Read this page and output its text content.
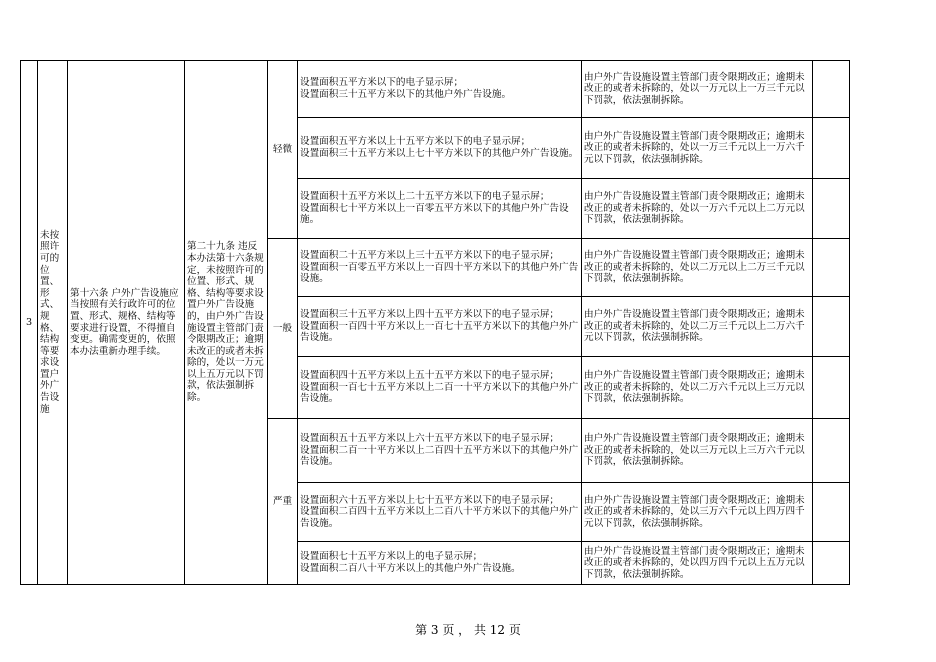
3	未按照许可的位置、形式、规格、结构等要求设置户外广告设施	第十六条 户外广告设施应当按照有关行政许可的位置、形式、规格、结构等要求进行设置，不得擅自变更。确需变更的，依照本办法重新办理手续。	第二十九条 违反本办法第十六条规定，未按照许可的位置、形式、规格、结构等要求设置户外广告设施的，由户外广告设施设置主管部门责令限期改正；逾期未改正的或者未拆除的，处以一万元以上五万元以下罚款，依法强制拆除。	轻微	设置面积五平方米以下的电子显示屏；
设置面积三十五平方米以下的其他户外广告设施。	由户外广告设施设置主管部门责令限期改正；逾期未改正的或者未拆除的，处以一万元以上一万三千元以下罚款，依法强制拆除。	

					设置面积五平方米以上十五平方米以下的电子显示屏；
设置面积三十五平方米以上七十平方米以下的其他户外广告设施。	由户外广告设施设置主管部门责令限期改正；逾期未改正的或者未拆除的，处以一万三千元以上一万六千元以下罚款，依法强制拆除。	

					设置面积十五平方米以上二十五平方米以下的电子显示屏；
设置面积七十平方米以上一百零五平方米以下的其他户外广告设施。	由户外广告设施设置主管部门责令限期改正；逾期未改正的或者未拆除的，处以一万六千元以上二万元以下罚款，依法强制拆除。	
				一般	设置面积二十五平方米以上三十五平方米以下的电子显示屏；
设置面积一百零五平方米以上一百四十平方米以下的其他户外广告设施。	由户外广告设施设置主管部门责令限期改正；逾期未改正的或者未拆除的，处以二万元以上二万三千元以下罚款，依法强制拆除。	

					设置面积三十五平方米以上四十五平方米以下的电子显示屏；
设置面积一百四十平方米以上一百七十五平方米以下的其他户外广告设施。	由户外广告设施设置主管部门责令限期改正；逾期未改正的或者未拆除的，处以二万三千元以上二万六千元以下罚款，依法强制拆除。	

					设置面积四十五平方米以上五十五平方米以下的电子显示屏；
设置面积一百七十五平方米以上二百一十平方米以下的其他户外广告设施。	由户外广告设施设置主管部门责令限期改正；逾期未改正的或者未拆除的，处以二万六千元以上三万元以下罚款，依法强制拆除。	
				严重	设置面积五十五平方米以上六十五平方米以下的电子显示屏；
设置面积二百一十平方米以上二百四十五平方米以下的其他户外广告设施。	由户外广告设施设置主管部门责令限期改正；逾期未改正的或者未拆除的，处以三万元以上三万六千元以下罚款，依法强制拆除。	

					设置面积六十五平方米以上七十五平方米以下的电子显示屏；
设置面积二百四十五平方米以上二百八十平方米以下的其他户外广告设施。	由户外广告设施设置主管部门责令限期改正；逾期未改正的或者未拆除的，处以三万六千元以上四万四千元以下罚款，依法强制拆除。	

					设置面积七十五平方米以上的电子显示屏；
设置面积二百八十平方米以上的其他户外广告设施。	由户外广告设施设置主管部门责令限期改正；逾期未改正的或者未拆除的，处以四万四千元以上五万元以下罚款，依法强制拆除。	
第 3 页 ， 共 12 页
